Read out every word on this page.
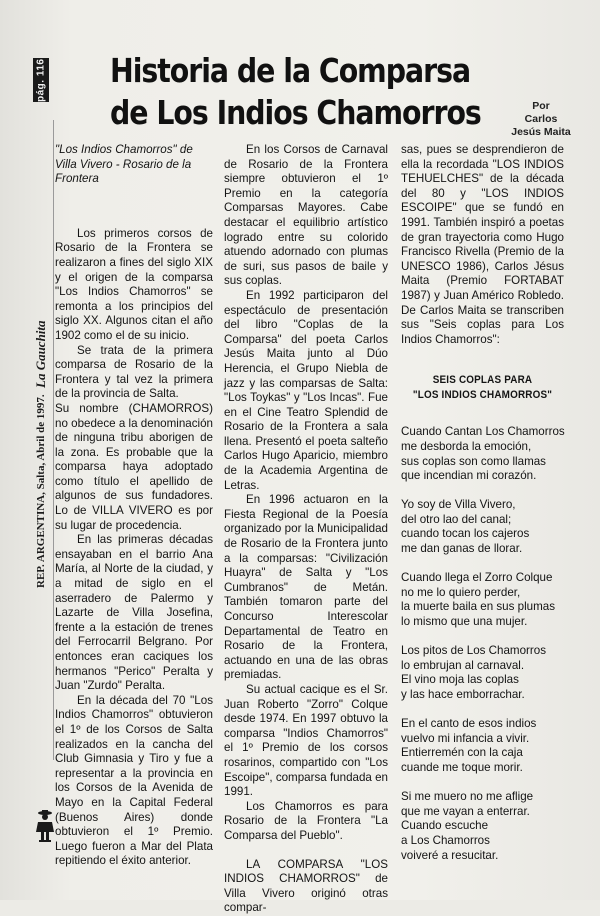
pág. 116
REP. ARGENTINA, Salta, Abril de 1997.
La Gauchita
Historia de la Comparsa
de Los Indios Chamorros	Por
Carlos
Jesús Maita

"Los Indios Chamorros" de Villa Vivero - Rosario de la Frontera

Los primeros corsos de Rosario de la Frontera se realizaron a fines del siglo XIX y el origen de la comparsa "Los Indios Chamorros" se remonta a los principios del siglo XX. Algunos citan el año 1902 como el de su inicio.

Se trata de la primera comparsa de Rosario de la Frontera y tal vez la primera de la provincia de Salta.

Su nombre (CHAMORROS) no obedece a la denominación de ninguna tribu aborigen de la zona. Es probable que la comparsa haya adoptado como título el apellido de algunos de sus fundadores. Lo de VILLA VIVERO es por su lugar de procedencia.

En las primeras décadas ensayaban en el barrio Ana María, al Norte de la ciudad, y a mitad de siglo en el aserradero de Palermo y Lazarte de Villa Josefina, frente a la estación de trenes del Ferrocarril Belgrano. Por entonces eran caciques los hermanos "Perico" Peralta y Juan "Zurdo" Peralta.

En la década del 70 "Los Indios Chamorros" obtuvieron el 1º de los Corsos de Salta realizados en la cancha del Club Gimnasia y Tiro y fue a representar a la provincia en los Corsos de la Avenida de Mayo en la Capital Federal (Buenos Aires) donde obtuvieron el 1º Premio. Luego fueron a Mar del Plata repitiendo el éxito anterior.

En los Corsos de Carnaval de Rosario de la Frontera siempre obtuvieron el 1º Premio en la categoría Comparsas Mayores. Cabe destacar el equilibrio artístico logrado entre su colorido atuendo adornado con plumas de suri, sus pasos de baile y sus coplas.

En 1992 participaron del espectáculo de presentación del libro "Coplas de la Comparsa" del poeta Carlos Jesús Maita junto al Dúo Herencia, el Grupo Niebla de jazz y las comparsas de Salta: "Los Toykas" y "Los Incas". Fue en el Cine Teatro Splendid de Rosario de la Frontera a sala llena. Presentó el poeta salteño Carlos Hugo Aparicio, miembro de la Academia Argentina de Letras.

En 1996 actuaron en la Fiesta Regional de la Poesía organizado por la Municipalidad de Rosario de la Frontera junto a la comparsas: "Civilización Huayra" de Salta y "Los Cumbranos" de Metán. También tomaron parte del Concurso Interescolar Departamental de Teatro en Rosario de la Frontera, actuando en una de las obras premiadas.

Su actual cacique es el Sr. Juan Roberto "Zorro" Colque desde 1974. En 1997 obtuvo la comparsa "Indios Chamorros" el 1º Premio de los corsos rosarinos, compartido con "Los Escoipe", comparsa fundada en 1991.

Los Chamorros es para Rosario de la Frontera "La Comparsa del Pueblo".

LA COMPARSA "LOS INDIOS CHAMORROS" de Villa Vivero originó otras compar-

sas, pues se desprendieron de ella la recordada "LOS INDIOS TEHUELCHES" de la década del 80 y "LOS INDIOS ESCOIPE" que se fundó en 1991. También inspiró a poetas de gran trayectoria como Hugo Francisco Rivella (Premio de la UNESCO 1986), Carlos Jésus Maita (Premio FORTABAT 1987) y Juan Américo Robledo. De Carlos Maita se transcriben sus "Seis coplas para Los Indios Chamorros":

SEIS COPLAS PARA
"LOS INDIOS CHAMORROS"

Cuando Cantan Los Chamorros
me desborda la emoción,
sus coplas son como llamas
que incendian mi corazón.

Yo soy de Villa Vivero,
del otro lao del canal;
cuando tocan los cajeros
me dan ganas de llorar.

Cuando llega el Zorro Colque
no me lo quiero perder,
la muerte baila en sus plumas
lo mismo que una mujer.

Los pitos de Los Chamorros
lo embrujan al carnaval.
El vino moja las coplas
y las hace emborrachar.

En el canto de esos indios
vuelvo mi infancia a vivir.
Entierremén con la caja
cuande me toque morir.

Si me muero no me aflige
que me vayan a enterrar.
Cuando escuche
a Los Chamorros
voiveré a resucitar.
